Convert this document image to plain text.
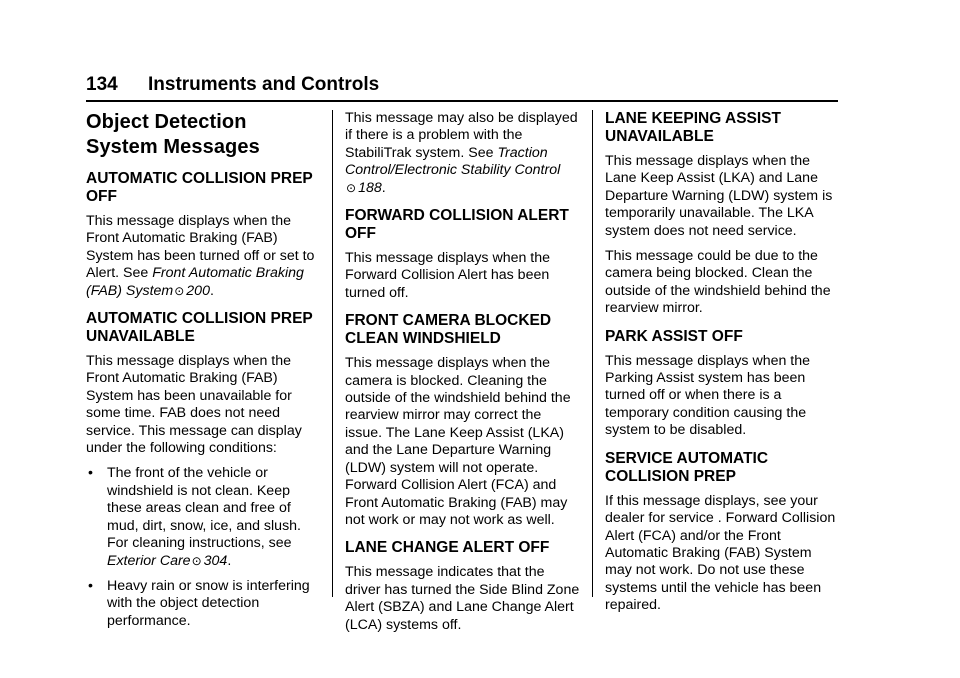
134 Instruments and Controls
Object Detection System Messages
AUTOMATIC COLLISION PREP OFF

This message displays when the Front Automatic Braking (FAB) System has been turned off or set to Alert. See Front Automatic Braking (FAB) System ⊙ 200.

AUTOMATIC COLLISION PREP UNAVAILABLE

This message displays when the Front Automatic Braking (FAB) System has been unavailable for some time. FAB does not need service. This message can display under the following conditions:

• The front of the vehicle or windshield is not clean. Keep these areas clean and free of mud, dirt, snow, ice, and slush. For cleaning instructions, see Exterior Care ⊙ 304.
• Heavy rain or snow is interfering with the object detection performance.

This message may also be displayed if there is a problem with the StabiliTrak system. See Traction Control/Electronic Stability Control
⊙ 188.

FORWARD COLLISION ALERT OFF

This message displays when the Forward Collision Alert has been turned off.

FRONT CAMERA BLOCKED CLEAN WINDSHIELD

This message displays when the camera is blocked. Cleaning the outside of the windshield behind the rearview mirror may correct the issue. The Lane Keep Assist (LKA) and the Lane Departure Warning (LDW) system will not operate. Forward Collision Alert (FCA) and Front Automatic Braking (FAB) may not work or may not work as well.

LANE CHANGE ALERT OFF

This message indicates that the driver has turned the Side Blind Zone Alert (SBZA) and Lane Change Alert (LCA) systems off.

LANE KEEPING ASSIST UNAVAILABLE

This message displays when the Lane Keep Assist (LKA) and Lane Departure Warning (LDW) system is temporarily unavailable. The LKA system does not need service.

This message could be due to the camera being blocked. Clean the outside of the windshield behind the rearview mirror.

PARK ASSIST OFF

This message displays when the Parking Assist system has been turned off or when there is a temporary condition causing the system to be disabled.

SERVICE AUTOMATIC COLLISION PREP

If this message displays, see your dealer for service . Forward Collision Alert (FCA) and/or the Front Automatic Braking (FAB) System may not work. Do not use these systems until the vehicle has been repaired.
